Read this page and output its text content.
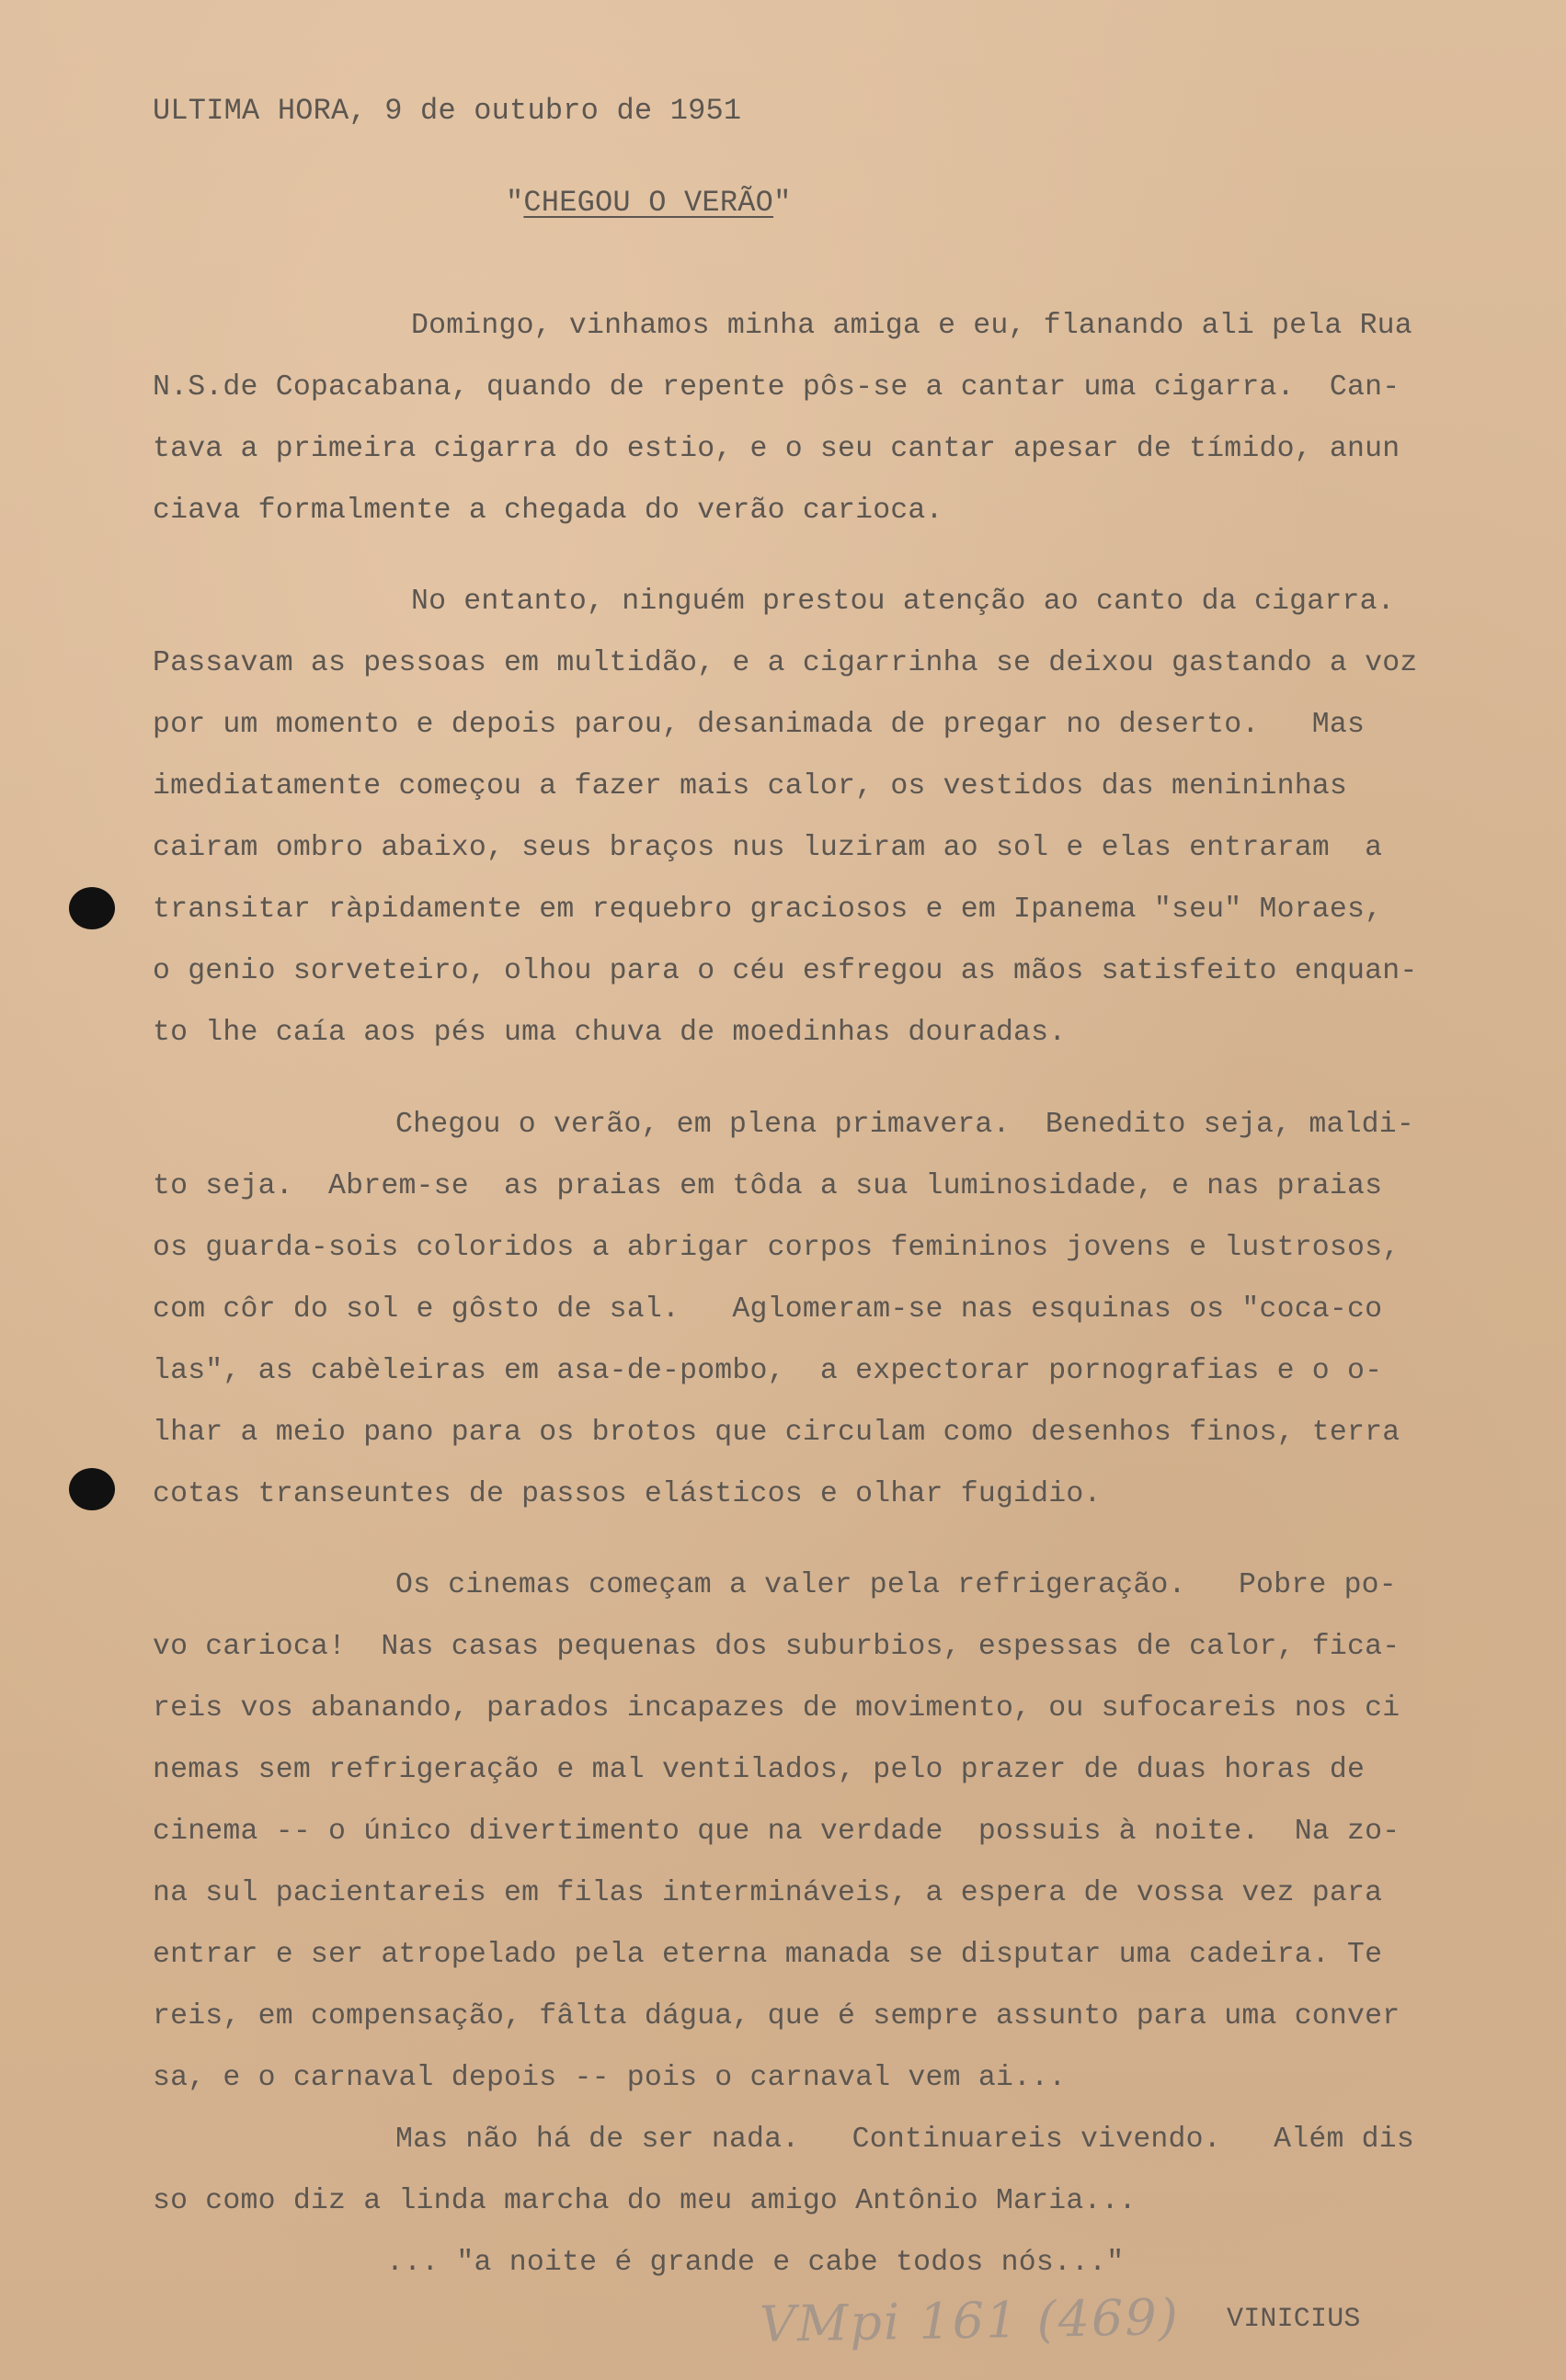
ULTIMA HORA, 9 de outubro de 1951
"CHEGOU O VERÃO"
Domingo, vinhamos minha amiga e eu, flanando ali pela Rua
N.S.de Copacabana, quando de repente pôs-se a cantar uma cigarra.  Can-
tava a primeira cigarra do estio, e o seu cantar apesar de tímido, anun
ciava formalmente a chegada do verão carioca.
No entanto, ninguém prestou atenção ao canto da cigarra.
Passavam as pessoas em multidão, e a cigarrinha se deixou gastando a voz
por um momento e depois parou, desanimada de pregar no deserto.   Mas
imediatamente começou a fazer mais calor, os vestidos das menininhas
cairam ombro abaixo, seus braços nus luziram ao sol e elas entraram  a
transitar ràpidamente em requebro graciosos e em Ipanema "seu" Moraes,
o genio sorveteiro, olhou para o céu esfregou as mãos satisfeito enquan-
to lhe caía aos pés uma chuva de moedinhas douradas.
Chegou o verão, em plena primavera.  Benedito seja, maldi-
to seja.  Abrem-se  as praias em tôda a sua luminosidade, e nas praias
os guarda-sois coloridos a abrigar corpos femininos jovens e lustrosos,
com côr do sol e gôsto de sal.   Aglomeram-se nas esquinas os "coca-co
las", as cabèleiras em asa-de-pombo,  a expectorar pornografias e o o-
lhar a meio pano para os brotos que circulam como desenhos finos, terra
cotas transeuntes de passos elásticos e olhar fugidio.
Os cinemas começam a valer pela refrigeração.   Pobre po-
vo carioca!  Nas casas pequenas dos suburbios, espessas de calor, fica-
reis vos abanando, parados incapazes de movimento, ou sufocareis nos ci
nemas sem refrigeração e mal ventilados, pelo prazer de duas horas de
cinema -- o único divertimento que na verdade  possuis à noite.  Na zo-
na sul pacientareis em filas intermináveis, a espera de vossa vez para
entrar e ser atropelado pela eterna manada se disputar uma cadeira. Te
reis, em compensação, fâlta dágua, que é sempre assunto para uma conver
sa, e o carnaval depois -- pois o carnaval vem ai...
Mas não há de ser nada.   Continuareis vivendo.   Além dis
so como diz a linda marcha do meu amigo Antônio Maria...
... "a noite é grande e cabe todos nós..."
VMpi 161 (469) VINICIUS
